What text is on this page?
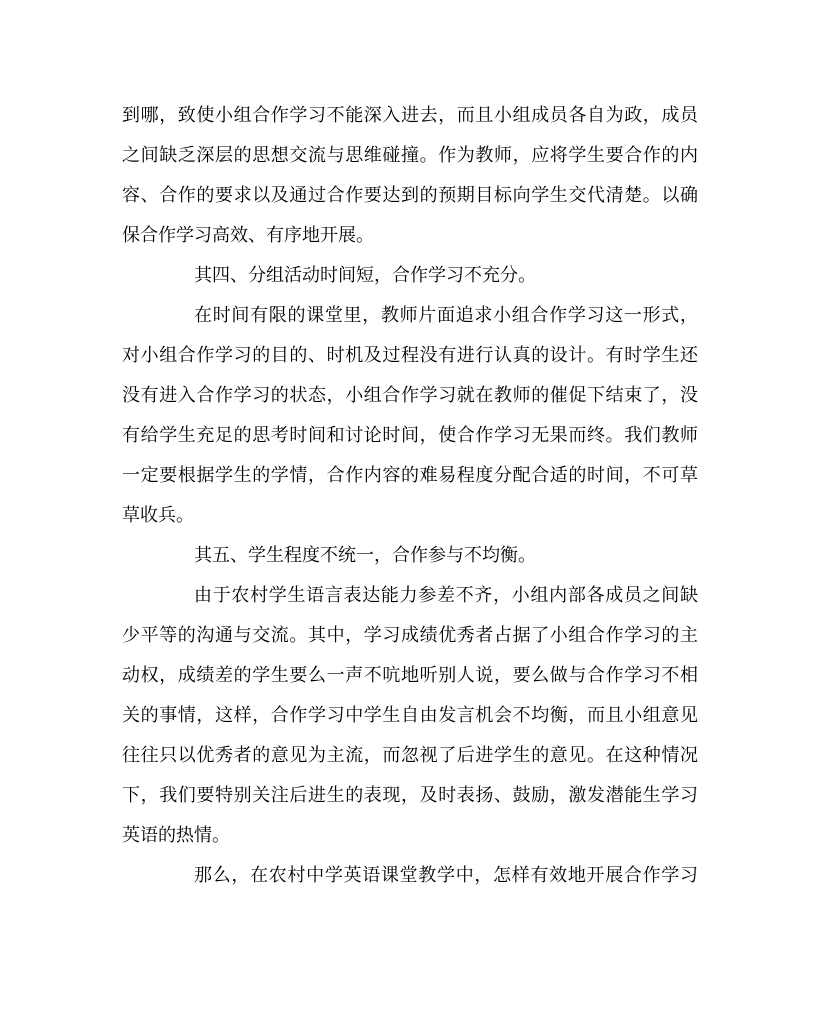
到哪，致使小组合作学习不能深入进去，而且小组成员各自为政，成员
之间缺乏深层的思想交流与思维碰撞。作为教师，应将学生要合作的内
容、合作的要求以及通过合作要达到的预期目标向学生交代清楚。以确
保合作学习高效、有序地开展。
其四、分组活动时间短，合作学习不充分。
在时间有限的课堂里，教师片面追求小组合作学习这一形式，
对小组合作学习的目的、时机及过程没有进行认真的设计。有时学生还
没有进入合作学习的状态，小组合作学习就在教师的催促下结束了，没
有给学生充足的思考时间和讨论时间，使合作学习无果而终。我们教师
一定要根据学生的学情，合作内容的难易程度分配合适的时间，不可草
草收兵。
其五、学生程度不统一，合作参与不均衡。
由于农村学生语言表达能力参差不齐，小组内部各成员之间缺
少平等的沟通与交流。其中，学习成绩优秀者占据了小组合作学习的主
动权，成绩差的学生要么一声不吭地听别人说，要么做与合作学习不相
关的事情，这样，合作学习中学生自由发言机会不均衡，而且小组意见
往往只以优秀者的意见为主流，而忽视了后进学生的意见。在这种情况
下，我们要特别关注后进生的表现，及时表扬、鼓励，激发潜能生学习
英语的热情。
那么，在农村中学英语课堂教学中，怎样有效地开展合作学习
